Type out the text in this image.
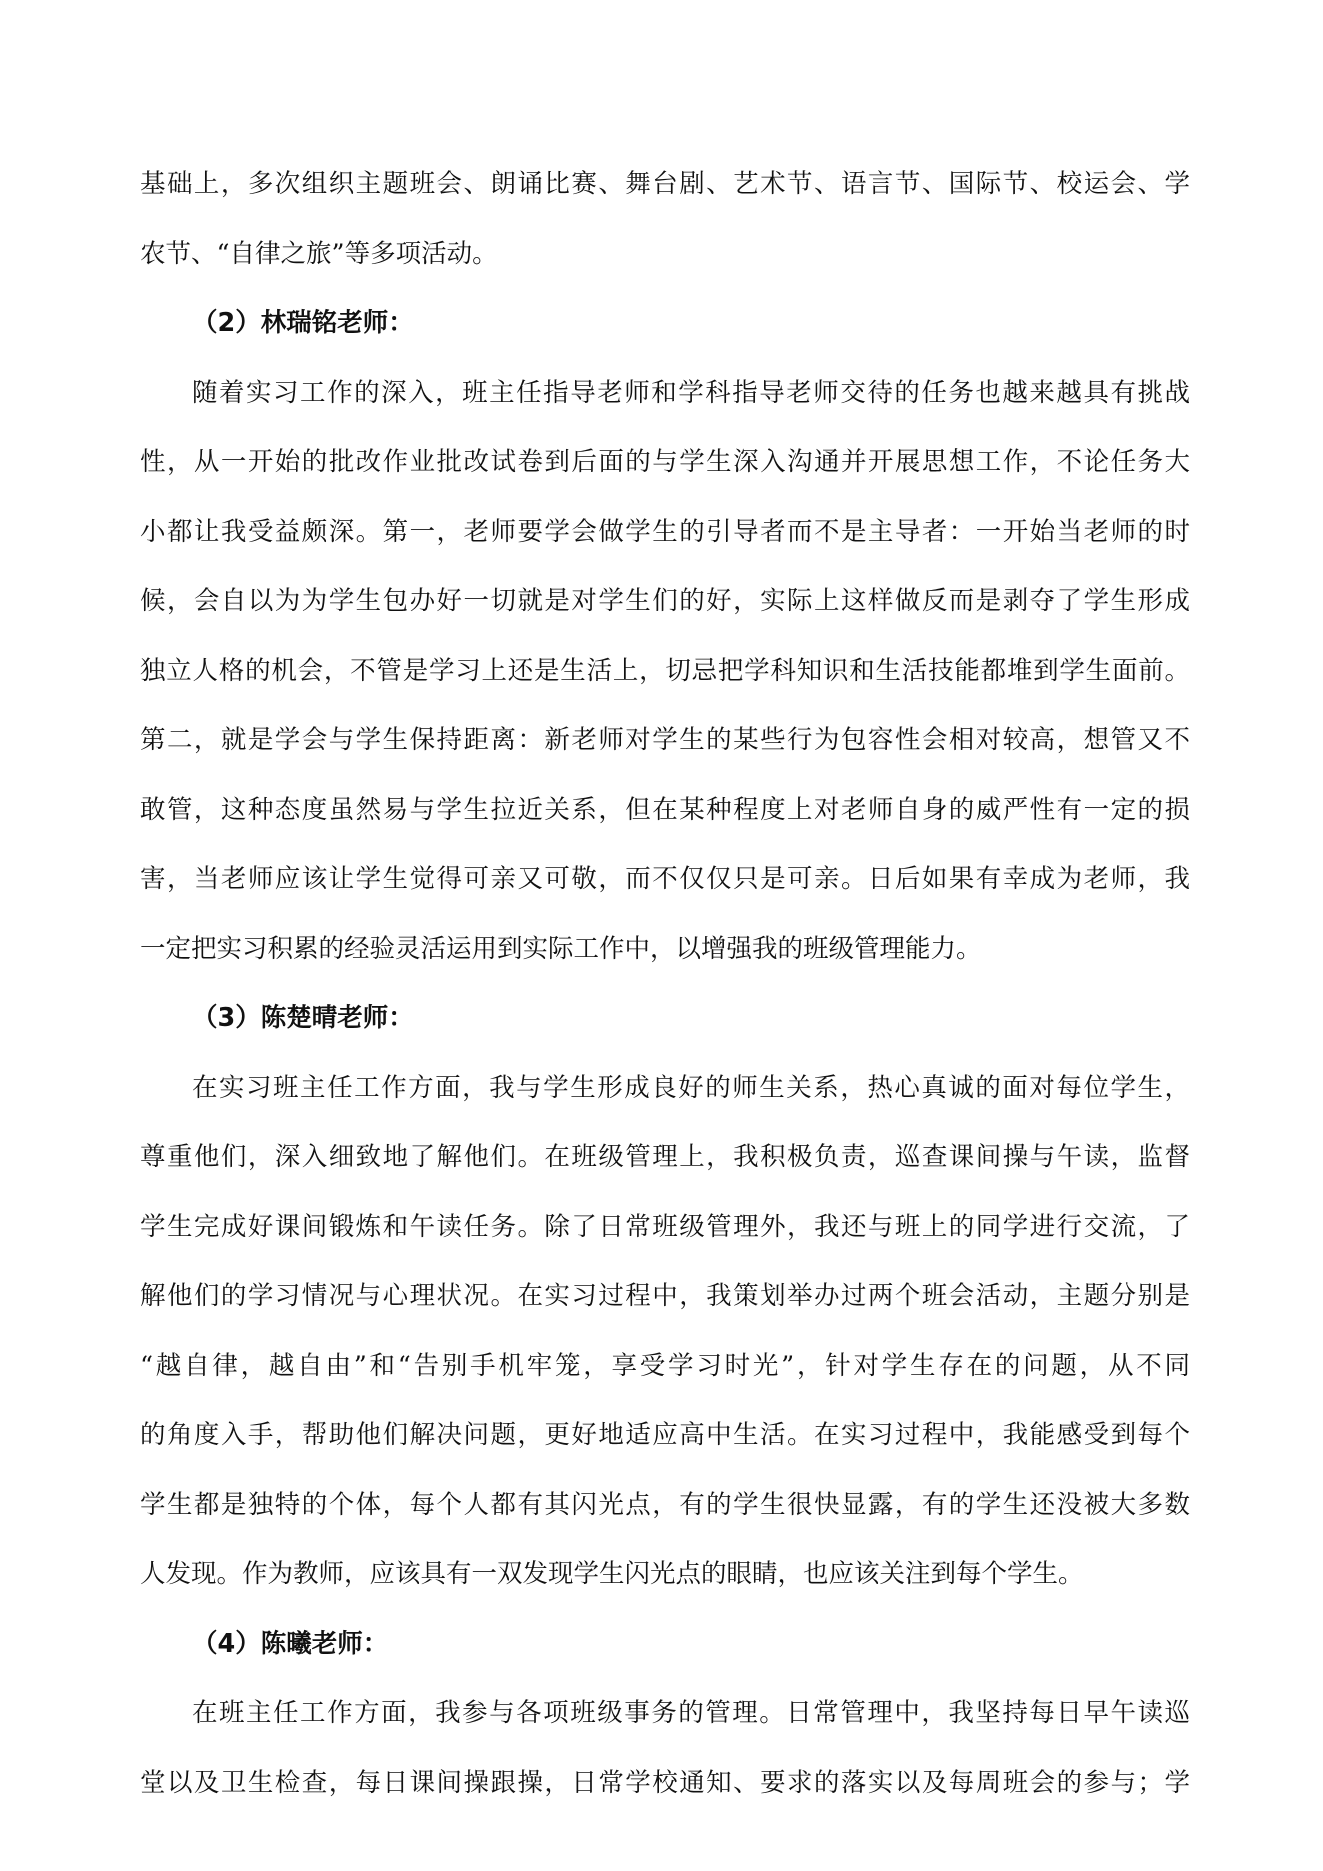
基础上，多次组织主题班会、朗诵比赛、舞台剧、艺术节、语言节、国际节、校运会、学
农节、“自律之旅”等多项活动。
（2）林瑞铭老师：
随着实习工作的深入，班主任指导老师和学科指导老师交待的任务也越来越具有挑战
性，从一开始的批改作业批改试卷到后面的与学生深入沟通并开展思想工作，不论任务大
小都让我受益颇深。第一，老师要学会做学生的引导者而不是主导者：一开始当老师的时
候，会自以为为学生包办好一切就是对学生们的好，实际上这样做反而是剥夺了学生形成
独立人格的机会，不管是学习上还是生活上，切忌把学科知识和生活技能都堆到学生面前。
第二，就是学会与学生保持距离：新老师对学生的某些行为包容性会相对较高，想管又不
敢管，这种态度虽然易与学生拉近关系，但在某种程度上对老师自身的威严性有一定的损
害，当老师应该让学生觉得可亲又可敬，而不仅仅只是可亲。日后如果有幸成为老师，我
一定把实习积累的经验灵活运用到实际工作中，以增强我的班级管理能力。
（3）陈楚晴老师：
在实习班主任工作方面，我与学生形成良好的师生关系，热心真诚的面对每位学生，
尊重他们，深入细致地了解他们。在班级管理上，我积极负责，巡查课间操与午读，监督
学生完成好课间锻炼和午读任务。除了日常班级管理外，我还与班上的同学进行交流，了
解他们的学习情况与心理状况。在实习过程中，我策划举办过两个班会活动，主题分别是
“越自律，越自由”和“告别手机牢笼，享受学习时光”，针对学生存在的问题，从不同
的角度入手，帮助他们解决问题，更好地适应高中生活。在实习过程中，我能感受到每个
学生都是独特的个体，每个人都有其闪光点，有的学生很快显露，有的学生还没被大多数
人发现。作为教师，应该具有一双发现学生闪光点的眼睛，也应该关注到每个学生。
（4）陈曦老师：
在班主任工作方面，我参与各项班级事务的管理。日常管理中，我坚持每日早午读巡
堂以及卫生检查，每日课间操跟操，日常学校通知、要求的落实以及每周班会的参与；学
